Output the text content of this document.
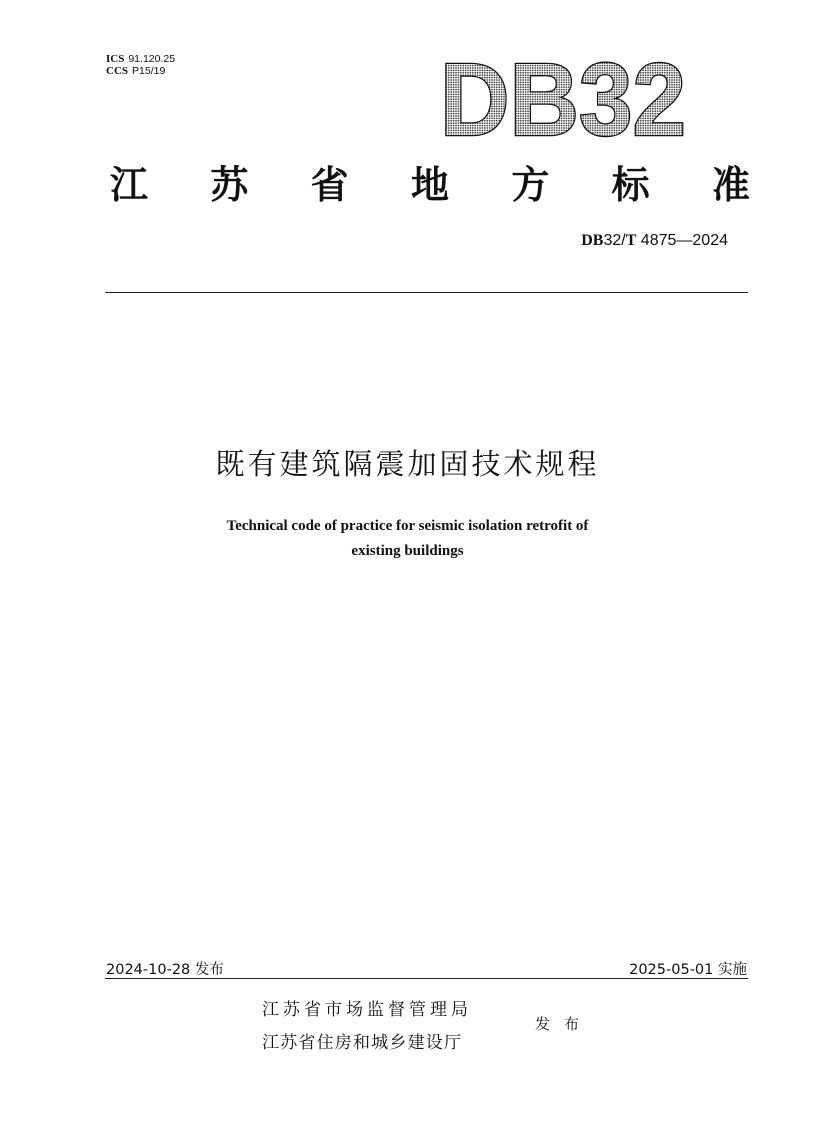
ICS 91.120.25
CCS P15/19	DB32
江 苏 省 地 方 标 准
DB32/T 4875—2024
既有建筑隔震加固技术规程
Technical code of practice for seismic isolation retrofit of
existing buildings
2024-10-28 发布	2025-05-01 实施
江苏省市场监督管理局
江苏省住房和城乡建设厅
发布
